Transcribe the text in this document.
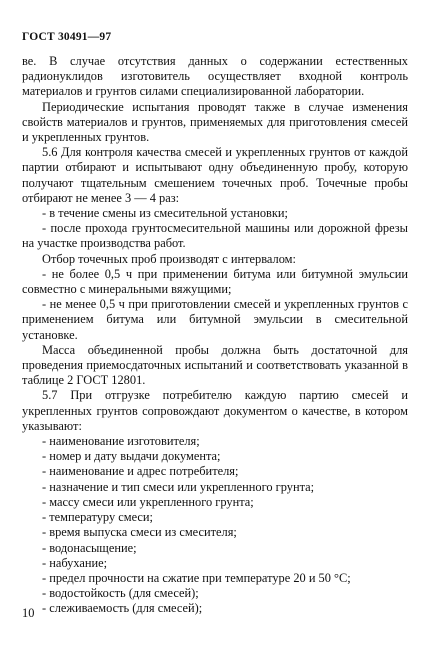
ГОСТ 30491—97

ве. В случае отсутствия данных о содержании естественных радионуклидов изготовитель осуществляет входной контроль материалов и грунтов силами специализированной лаборатории.

Периодические испытания проводят также в случае изменения свойств материалов и грунтов, применяемых для приготовления смесей и укрепленных грунтов.

5.6 Для контроля качества смесей и укрепленных грунтов от каждой партии отбирают и испытывают одну объединенную пробу, которую получают тщательным смешением точечных проб. Точечные пробы отбирают не менее 3 — 4 раз:

- в течение смены из смесительной установки;

- после прохода грунтосмесительной машины или дорожной фрезы на участке производства работ.

Отбор точечных проб производят с интервалом:

- не более 0,5 ч при применении битума или битумной эмульсии совместно с минеральными вяжущими;

- не менее 0,5 ч при приготовлении смесей и укрепленных грунтов с применением битума или битумной эмульсии в смесительной установке.

Масса объединенной пробы должна быть достаточной для проведения приемосдаточных испытаний и соответствовать указанной в таблице 2 ГОСТ 12801.

5.7 При отгрузке потребителю каждую партию смесей и укрепленных грунтов сопровождают документом о качестве, в котором указывают:

- наименование изготовителя;

- номер и дату выдачи документа;

- наименование и адрес потребителя;

- назначение и тип смеси или укрепленного грунта;

- массу смеси или укрепленного грунта;

- температуру смеси;

- время выпуска смеси из смесителя;

- водонасыщение;

- набухание;

- предел прочности на сжатие при температуре 20 и 50 °С;

- водостойкость (для смесей);

- слеживаемость (для смесей);

10
